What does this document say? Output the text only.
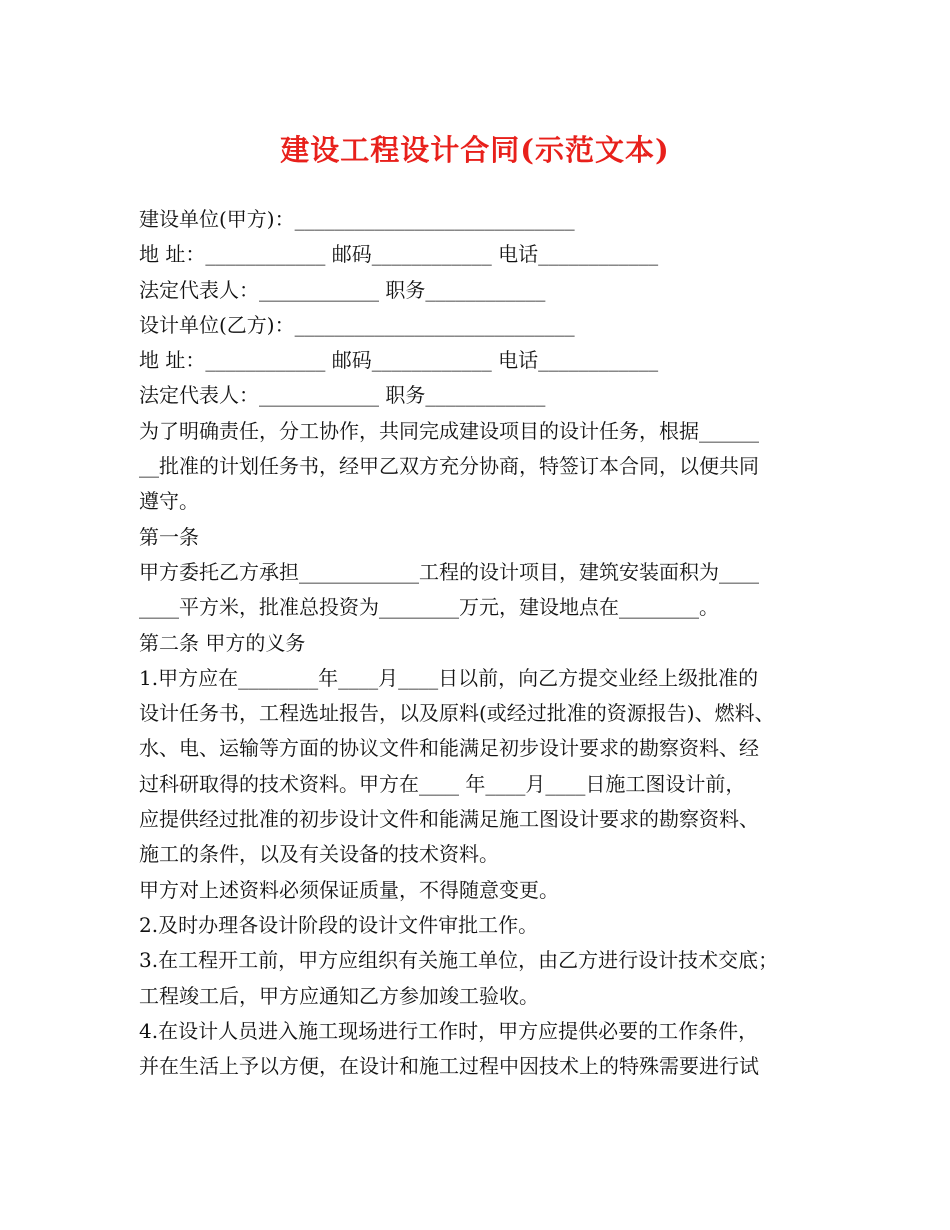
建设工程设计合同(示范文本)
建设单位(甲方)：____________________________
地 址：____________ 邮码____________ 电话____________
法定代表人：____________ 职务____________
设计单位(乙方)：____________________________
地 址：____________ 邮码____________ 电话____________
法定代表人：____________ 职务____________
为了明确责任，分工协作，共同完成建设项目的设计任务，根据______
__批准的计划任务书，经甲乙双方充分协商，特签订本合同，以便共同
遵守。
第一条
甲方委托乙方承担____________工程的设计项目，建筑安装面积为____
____平方米，批准总投资为________万元，建设地点在________。
第二条 甲方的义务
1.甲方应在________年____月____日以前，向乙方提交业经上级批准的
设计任务书，工程选址报告，以及原料(或经过批准的资源报告)、燃料、
水、电、运输等方面的协议文件和能满足初步设计要求的勘察资料、经
过科研取得的技术资料。甲方在____ 年____月____日施工图设计前，
应提供经过批准的初步设计文件和能满足施工图设计要求的勘察资料、
施工的条件，以及有关设备的技术资料。
甲方对上述资料必须保证质量，不得随意变更。
2.及时办理各设计阶段的设计文件审批工作。
3.在工程开工前，甲方应组织有关施工单位，由乙方进行设计技术交底；
工程竣工后，甲方应通知乙方参加竣工验收。
4.在设计人员进入施工现场进行工作时，甲方应提供必要的工作条件，
并在生活上予以方便，在设计和施工过程中因技术上的特殊需要进行试
